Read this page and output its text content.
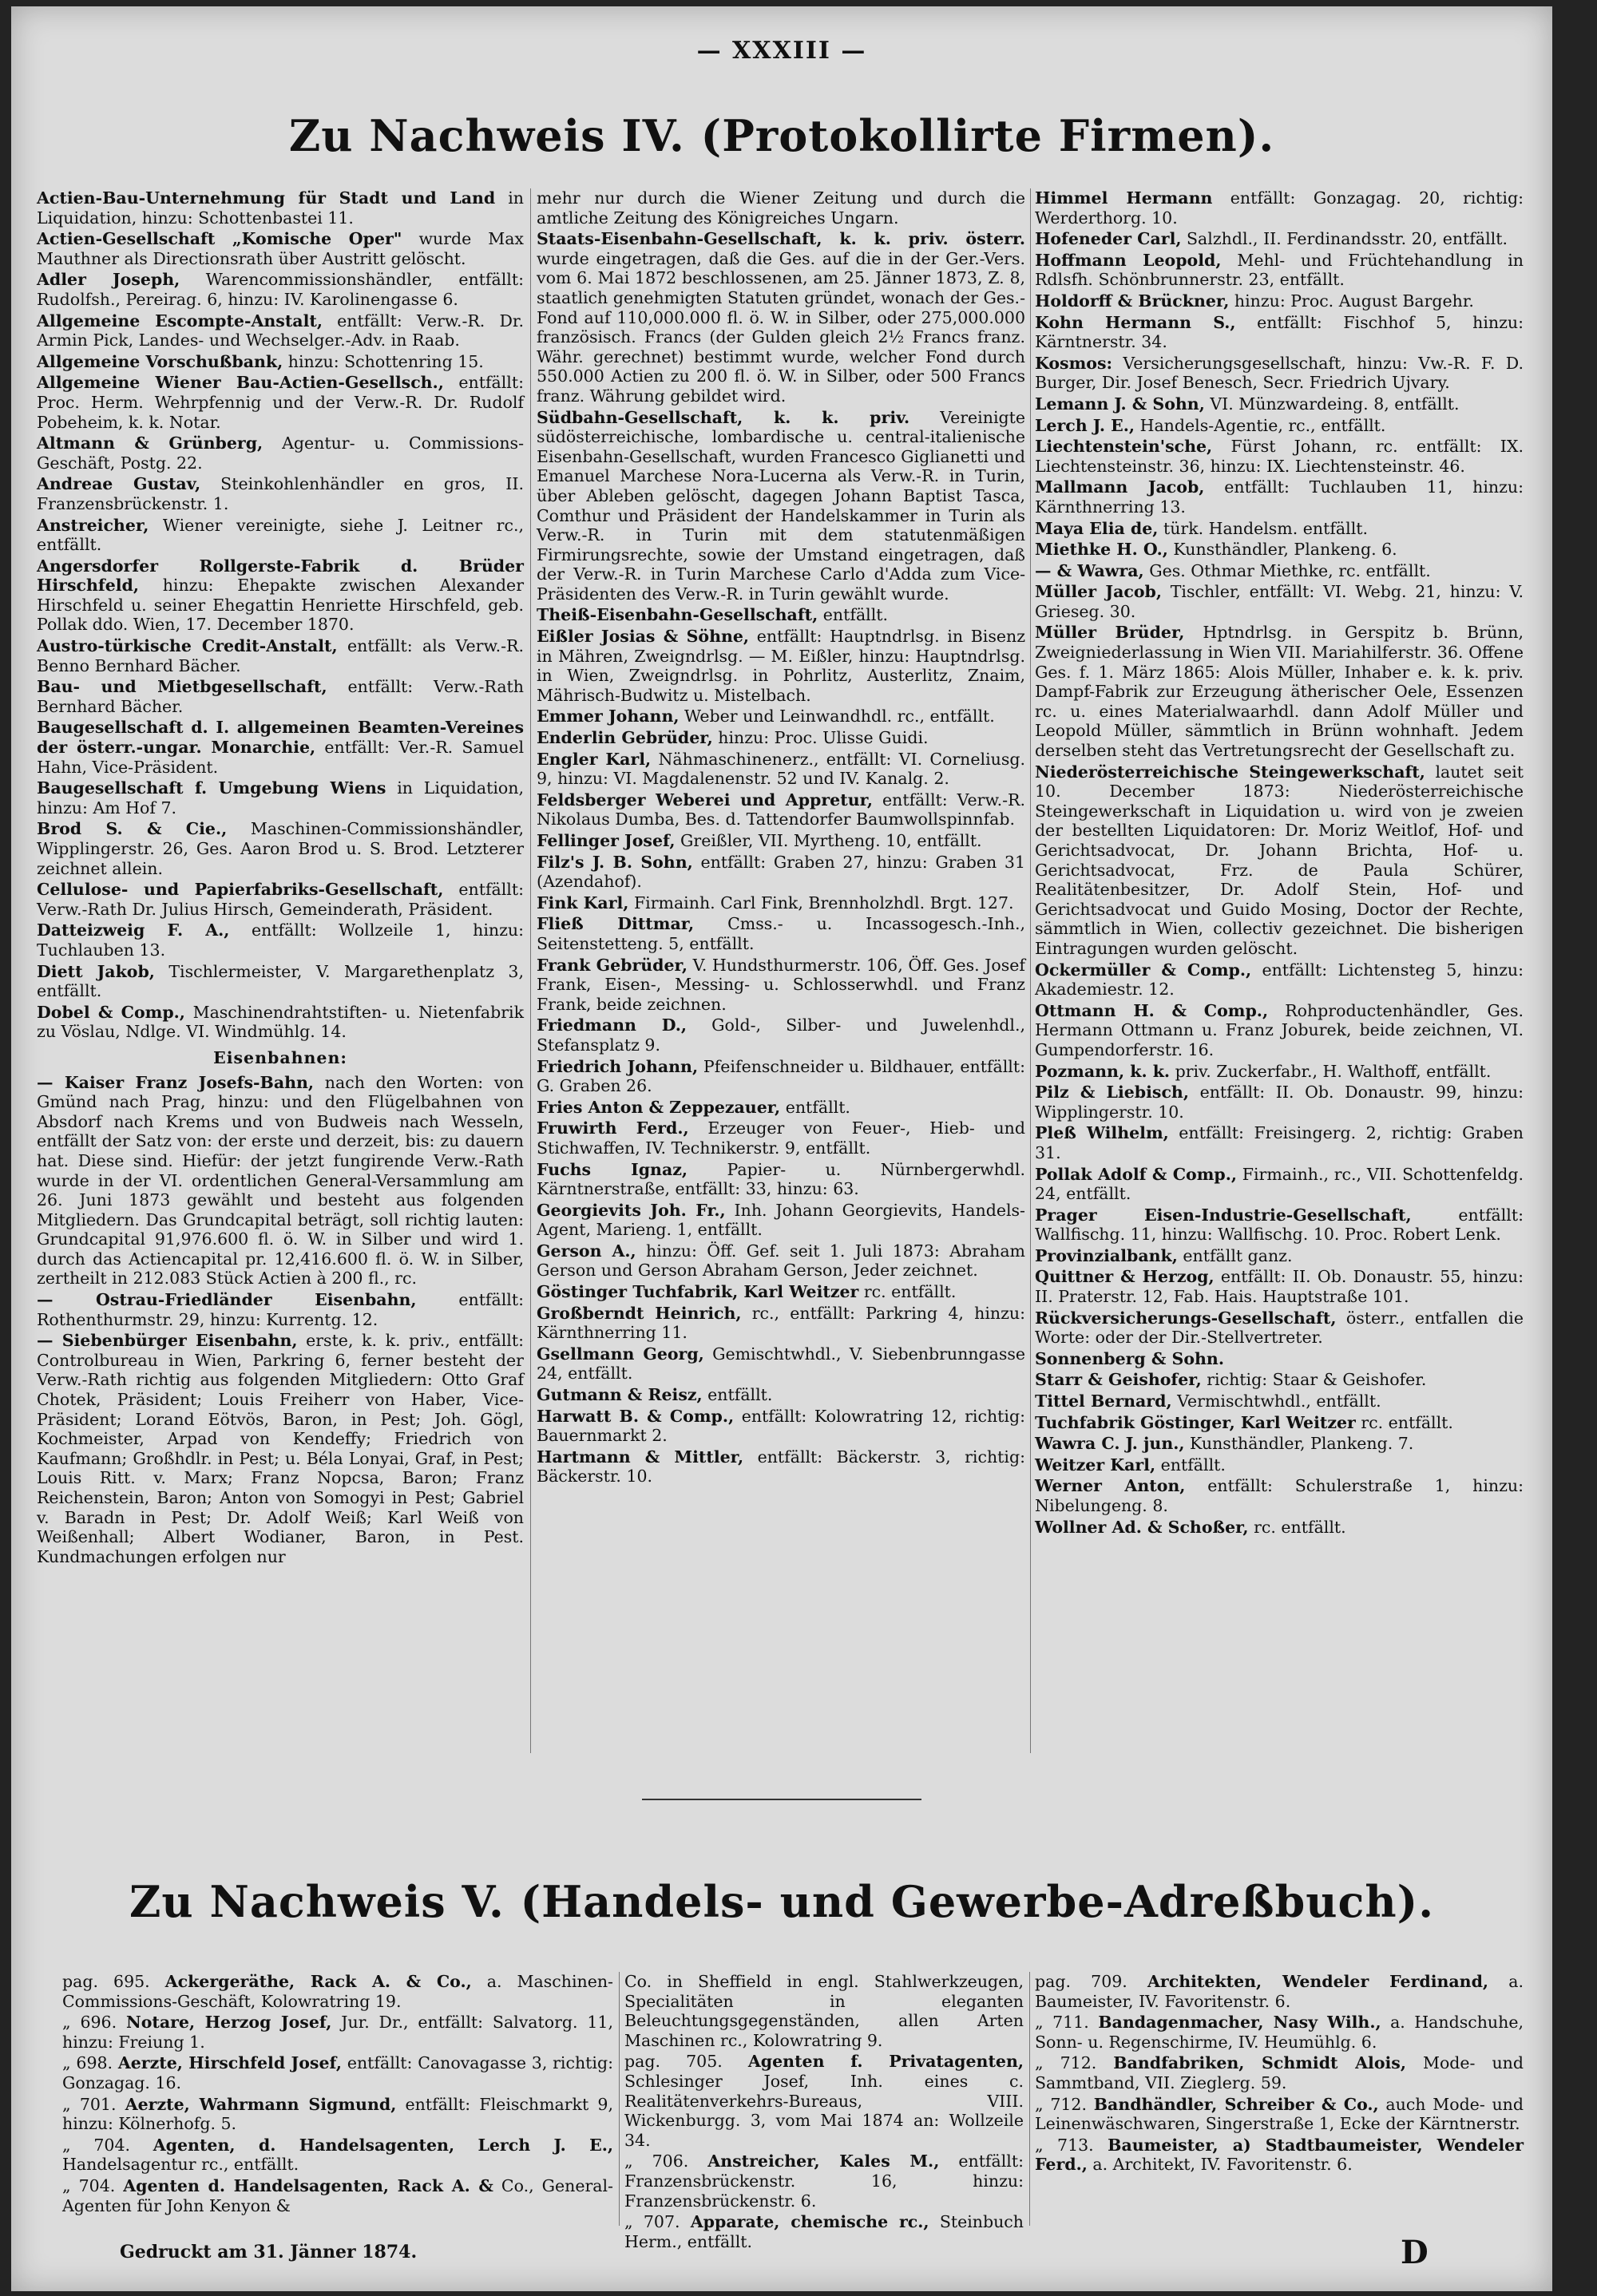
— XXXIII —
Zu Nachweis IV. (Protokollirte Firmen).

Actien-Bau-Unternehmung für Stadt und Land in Liquidation, hinzu: Schottenbastei 11.

Actien-Gesellschaft „Komische Oper" wurde Max Mauthner als Directionsrath über Austritt gelöscht.

Adler Joseph, Warencommissionshändler, entfällt: Rudolfsh., Pereirag. 6, hinzu: IV. Karolinengasse 6.

Allgemeine Escompte-Anstalt, entfällt: Verw.-R. Dr. Armin Pick, Landes- und Wechselger.-Adv. in Raab.

Allgemeine Vorschußbank, hinzu: Schottenring 15.

Allgemeine Wiener Bau-Actien-Gesellsch., entfällt: Proc. Herm. Wehrpfennig und der Verw.-R. Dr. Rudolf Pobeheim, k. k. Notar.

Altmann & Grünberg, Agentur- u. Commissions-Geschäft, Postg. 22.

Andreae Gustav, Steinkohlenhändler en gros, II. Franzensbrückenstr. 1.

Anstreicher, Wiener vereinigte, siehe J. Leitner rc., entfällt.

Angersdorfer Rollgerste-Fabrik d. Brüder Hirschfeld, hinzu: Ehepakte zwischen Alexander Hirschfeld u. seiner Ehegattin Henriette Hirschfeld, geb. Pollak ddo. Wien, 17. December 1870.

Austro-türkische Credit-Anstalt, entfällt: als Verw.-R. Benno Bernhard Bächer.

Bau- und Mietbgesellschaft, entfällt: Verw.-Rath Bernhard Bächer.

Baugesellschaft d. I. allgemeinen Beamten-Vereines der österr.-ungar. Monarchie, entfällt: Ver.-R. Samuel Hahn, Vice-Präsident.

Baugesellschaft f. Umgebung Wiens in Liquidation, hinzu: Am Hof 7.

Brod S. & Cie., Maschinen-Commissionshändler, Wipplingerstr. 26, Ges. Aaron Brod u. S. Brod. Letzterer zeichnet allein.

Cellulose- und Papierfabriks-Gesellschaft, entfällt: Verw.-Rath Dr. Julius Hirsch, Gemeinderath, Präsident.

Datteizweig F. A., entfällt: Wollzeile 1, hinzu: Tuchlauben 13.

Diett Jakob, Tischlermeister, V. Margarethenplatz 3, entfällt.

Dobel & Comp., Maschinendrahtstiften- u. Nietenfabrik zu Vöslau, Ndlge. VI. Windmühlg. 14.

Eisenbahnen:

— Kaiser Franz Josefs-Bahn, nach den Worten: von Gmünd nach Prag, hinzu: und den Flügelbahnen von Absdorf nach Krems und von Budweis nach Wesseln, entfällt der Satz von: der erste und derzeit, bis: zu dauern hat. Diese sind. Hiefür: der jetzt fungirende Verw.-Rath wurde in der VI. ordentlichen General-Versammlung am 26. Juni 1873 gewählt und besteht aus folgenden Mitgliedern. Das Grundcapital beträgt, soll richtig lauten: Grundcapital 91,976.600 fl. ö. W. in Silber und wird 1. durch das Actiencapital pr. 12,416.600 fl. ö. W. in Silber, zertheilt in 212.083 Stück Actien à 200 fl., rc.

— Ostrau-Friedländer Eisenbahn, entfällt: Rothenthurmstr. 29, hinzu: Kurrentg. 12.

— Siebenbürger Eisenbahn, erste, k. k. priv., entfällt: Controlbureau in Wien, Parkring 6, ferner besteht der Verw.-Rath richtig aus folgenden Mitgliedern: Otto Graf Chotek, Präsident; Louis Freiherr von Haber, Vice-Präsident; Lorand Eötvös, Baron, in Pest; Joh. Gögl, Kochmeister, Arpad von Kendeffy; Friedrich von Kaufmann; Großhdlr. in Pest; u. Béla Lonyai, Graf, in Pest; Louis Ritt. v. Marx; Franz Nopcsa, Baron; Franz Reichenstein, Baron; Anton von Somogyi in Pest; Gabriel v. Baradn in Pest; Dr. Adolf Weiß; Karl Weiß von Weißenhall; Albert Wodianer, Baron, in Pest. Kundmachungen erfolgen nur

mehr nur durch die Wiener Zeitung und durch die amtliche Zeitung des Königreiches Ungarn.

Staats-Eisenbahn-Gesellschaft, k. k. priv. österr. wurde eingetragen, daß die Ges. auf die in der Ger.-Vers. vom 6. Mai 1872 beschlossenen, am 25. Jänner 1873, Z. 8, staatlich genehmigten Statuten gründet, wonach der Ges.-Fond auf 110,000.000 fl. ö. W. in Silber, oder 275,000.000 französisch. Francs (der Gulden gleich 2½ Francs franz. Währ. gerechnet) bestimmt wurde, welcher Fond durch 550.000 Actien zu 200 fl. ö. W. in Silber, oder 500 Francs franz. Währung gebildet wird.

Südbahn-Gesellschaft, k. k. priv. Vereinigte südösterreichische, lombardische u. central-italienische Eisenbahn-Gesellschaft, wurden Francesco Giglianetti und Emanuel Marchese Nora-Lucerna als Verw.-R. in Turin, über Ableben gelöscht, dagegen Johann Baptist Tasca, Comthur und Präsident der Handelskammer in Turin als Verw.-R. in Turin mit dem statutenmäßigen Firmirungsrechte, sowie der Umstand eingetragen, daß der Verw.-R. in Turin Marchese Carlo d'Adda zum Vice-Präsidenten des Verw.-R. in Turin gewählt wurde.

Theiß-Eisenbahn-Gesellschaft, entfällt.

Eißler Josias & Söhne, entfällt: Hauptndrlsg. in Bisenz in Mähren, Zweigndrlsg. — M. Eißler, hinzu: Hauptndrlsg. in Wien, Zweigndrlsg. in Pohrlitz, Austerlitz, Znaim, Mährisch-Budwitz u. Mistelbach.

Emmer Johann, Weber und Leinwandhdl. rc., entfällt.

Enderlin Gebrüder, hinzu: Proc. Ulisse Guidi.

Engler Karl, Nähmaschinenerz., entfällt: VI. Corneliusg. 9, hinzu: VI. Magdalenenstr. 52 und IV. Kanalg. 2.

Feldsberger Weberei und Appretur, entfällt: Verw.-R. Nikolaus Dumba, Bes. d. Tattendorfer Baumwollspinnfab.

Fellinger Josef, Greißler, VII. Myrtheng. 10, entfällt.

Filz's J. B. Sohn, entfällt: Graben 27, hinzu: Graben 31 (Azendahof).

Fink Karl, Firmainh. Carl Fink, Brennholzhdl. Brgt. 127.

Fließ Dittmar, Cmss.- u. Incassogesch.-Inh., Seitenstetteng. 5, entfällt.

Frank Gebrüder, V. Hundsthurmerstr. 106, Öff. Ges. Josef Frank, Eisen-, Messing- u. Schlosserwhdl. und Franz Frank, beide zeichnen.

Friedmann D., Gold-, Silber- und Juwelenhdl., Stefansplatz 9.

Friedrich Johann, Pfeifenschneider u. Bildhauer, entfällt: G. Graben 26.

Fries Anton & Zeppezauer, entfällt.

Fruwirth Ferd., Erzeuger von Feuer-, Hieb- und Stichwaffen, IV. Technikerstr. 9, entfällt.

Fuchs Ignaz, Papier- u. Nürnbergerwhdl. Kärntnerstraße, entfällt: 33, hinzu: 63.

Georgievits Joh. Fr., Inh. Johann Georgievits, Handels-Agent, Marieng. 1, entfällt.

Gerson A., hinzu: Öff. Gef. seit 1. Juli 1873: Abraham Gerson und Gerson Abraham Gerson, Jeder zeichnet.

Göstinger Tuchfabrik, Karl Weitzer rc. entfällt.

Großberndt Heinrich, rc., entfällt: Parkring 4, hinzu: Kärnthnerring 11.

Gsellmann Georg, Gemischtwhdl., V. Siebenbrunngasse 24, entfällt.

Gutmann & Reisz, entfällt.

Harwatt B. & Comp., entfällt: Kolowratring 12, richtig: Bauernmarkt 2.

Hartmann & Mittler, entfällt: Bäckerstr. 3, richtig: Bäckerstr. 10.

Himmel Hermann entfällt: Gonzagag. 20, richtig: Werderthorg. 10.

Hofeneder Carl, Salzhdl., II. Ferdinandsstr. 20, entfällt.

Hoffmann Leopold, Mehl- und Früchtehandlung in Rdlsfh. Schönbrunnerstr. 23, entfällt.

Holdorff & Brückner, hinzu: Proc. August Bargehr.

Kohn Hermann S., entfällt: Fischhof 5, hinzu: Kärntnerstr. 34.

Kosmos: Versicherungsgesellschaft, hinzu: Vw.-R. F. D. Burger, Dir. Josef Benesch, Secr. Friedrich Ujvary.

Lemann J. & Sohn, VI. Münzwardeing. 8, entfällt.

Lerch J. E., Handels-Agentie, rc., entfällt.

Liechtenstein'sche, Fürst Johann, rc. entfällt: IX. Liechtensteinstr. 36, hinzu: IX. Liechtensteinstr. 46.

Mallmann Jacob, entfällt: Tuchlauben 11, hinzu: Kärnthnerring 13.

Maya Elia de, türk. Handelsm. entfällt.

Miethke H. O., Kunsthändler, Plankeng. 6.

— & Wawra, Ges. Othmar Miethke, rc. entfällt.

Müller Jacob, Tischler, entfällt: VI. Webg. 21, hinzu: V. Grieseg. 30.

Müller Brüder, Hptndrlsg. in Gerspitz b. Brünn, Zweigniederlassung in Wien VII. Mariahilferstr. 36. Offene Ges. f. 1. März 1865: Alois Müller, Inhaber e. k. k. priv. Dampf-Fabrik zur Erzeugung ätherischer Oele, Essenzen rc. u. eines Materialwaarhdl. dann Adolf Müller und Leopold Müller, sämmtlich in Brünn wohnhaft. Jedem derselben steht das Vertretungsrecht der Gesellschaft zu.

Niederösterreichische Steingewerkschaft, lautet seit 10. December 1873: Niederösterreichische Steingewerkschaft in Liquidation u. wird von je zweien der bestellten Liquidatoren: Dr. Moriz Weitlof, Hof- und Gerichtsadvocat, Dr. Johann Brichta, Hof- u. Gerichtsadvocat, Frz. de Paula Schürer, Realitätenbesitzer, Dr. Adolf Stein, Hof- und Gerichtsadvocat und Guido Mosing, Doctor der Rechte, sämmtlich in Wien, collectiv gezeichnet. Die bisherigen Eintragungen wurden gelöscht.

Ockermüller & Comp., entfällt: Lichtensteg 5, hinzu: Akademiestr. 12.

Ottmann H. & Comp., Rohproductenhändler, Ges. Hermann Ottmann u. Franz Joburek, beide zeichnen, VI. Gumpendorferstr. 16.

Pozmann, k. k. priv. Zuckerfabr., H. Walthoff, entfällt.

Pilz & Liebisch, entfällt: II. Ob. Donaustr. 99, hinzu: Wipplingerstr. 10.

Pleß Wilhelm, entfällt: Freisingerg. 2, richtig: Graben 31.

Pollak Adolf & Comp., Firmainh., rc., VII. Schottenfeldg. 24, entfällt.

Prager Eisen-Industrie-Gesellschaft, entfällt: Wallfischg. 11, hinzu: Wallfischg. 10. Proc. Robert Lenk.

Provinzialbank, entfällt ganz.

Quittner & Herzog, entfällt: II. Ob. Donaustr. 55, hinzu: II. Praterstr. 12, Fab. Hais. Hauptstraße 101.

Rückversicherungs-Gesellschaft, österr., entfallen die Worte: oder der Dir.-Stellvertreter.

Sonnenberg & Sohn.

Starr & Geishofer, richtig: Staar & Geishofer.

Tittel Bernard, Vermischtwhdl., entfällt.

Tuchfabrik Göstinger, Karl Weitzer rc. entfällt.

Wawra C. J. jun., Kunsthändler, Plankeng. 7.

Weitzer Karl, entfällt.

Werner Anton, entfällt: Schulerstraße 1, hinzu: Nibelungeng. 8.

Wollner Ad. & Schoßer, rc. entfällt.

Zu Nachweis V. (Handels- und Gewerbe-Adreßbuch).

pag. 695. Ackergeräthe, Rack A. & Co., a. Maschinen-Commissions-Geschäft, Kolowratring 19.

„ 696. Notare, Herzog Josef, Jur. Dr., entfällt: Salvatorg. 11, hinzu: Freiung 1.

„ 698. Aerzte, Hirschfeld Josef, entfällt: Canovagasse 3, richtig: Gonzagag. 16.

„ 701. Aerzte, Wahrmann Sigmund, entfällt: Fleischmarkt 9, hinzu: Kölnerhofg. 5.

„ 704. Agenten, d. Handelsagenten, Lerch J. E., Handelsagentur rc., entfällt.

„ 704. Agenten d. Handelsagenten, Rack A. & Co., General-Agenten für John Kenyon &

Co. in Sheffield in engl. Stahlwerkzeugen, Specialitäten in eleganten Beleuchtungsgegenständen, allen Arten Maschinen rc., Kolowratring 9.

pag. 705. Agenten f. Privatagenten, Schlesinger Josef, Inh. eines c. Realitätenverkehrs-Bureaus, VIII. Wickenburgg. 3, vom Mai 1874 an: Wollzeile 34.

„ 706. Anstreicher, Kales M., entfällt: Franzensbrückenstr. 16, hinzu: Franzensbrückenstr. 6.

„ 707. Apparate, chemische rc., Steinbuch Herm., entfällt.

pag. 709. Architekten, Wendeler Ferdinand, a. Baumeister, IV. Favoritenstr. 6.

„ 711. Bandagenmacher, Nasy Wilh., a. Handschuhe, Sonn- u. Regenschirme, IV. Heumühlg. 6.

„ 712. Bandfabriken, Schmidt Alois, Mode- und Sammtband, VII. Zieglerg. 59.

„ 712. Bandhändler, Schreiber & Co., auch Mode- und Leinenwäschwaren, Singerstraße 1, Ecke der Kärntnerstr.

„ 713. Baumeister, a) Stadtbaumeister, Wendeler Ferd., a. Architekt, IV. Favoritenstr. 6.

Gedruckt am 31. Jänner 1874.	D
